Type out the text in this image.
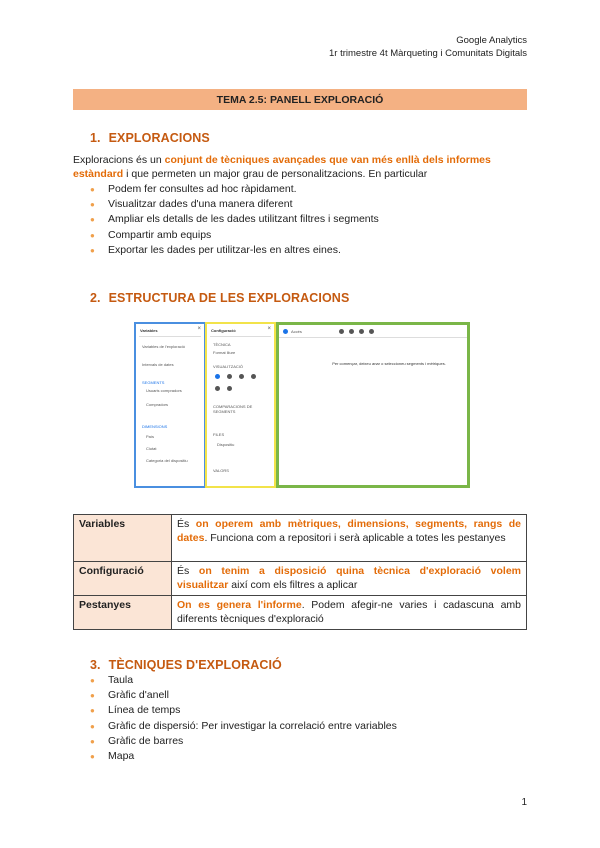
Google Analytics
1r trimestre 4t Màrqueting i Comunitats Digitals
TEMA 2.5: PANELL EXPLORACIÓ
1. EXPLORACIONS
Exploracions és un conjunt de tècniques avançades que van més enllà dels informes estàndard i que permeten un major grau de personalitzacions. En particular
● Podem fer consultes ad hoc ràpidament.
● Visualitzar dades d'una manera diferent
● Ampliar els detalls de les dades utilitzant filtres i segments
● Compartir amb equips
● Exportar les dades per utilitzar-les en altres eines.
2. ESTRUCTURA DE LES EXPLORACIONS
Variables	×
Variables de l'exploració
Intervals de dates
SEGMENTS
Usuaris compradors
Compradors
DIMENSIONS
País
Ciutat
Categoria del dispositiu
Configuració	×
TÈCNICA
Format lliure
VISUALITZACIÓ
COMPARACIONS DE SEGMENTS
FILES
Dispositiu
VALORS
Accés
Per començar, deixeu anar o seleccioneu segments i mètriques.
Variables	És on operem amb mètriques, dimensions, segments, rangs de dates. Funciona com a repositori i serà aplicable a totes les pestanyes
Configuració	És on tenim a disposició quina tècnica d'exploració volem visualitzar així com els filtres a aplicar
Pestanyes	On es genera l'informe. Podem afegir-ne varies i cadascuna amb diferents tècniques d'exploració
3. TÈCNIQUES D'EXPLORACIÓ
● Taula
● Gràfic d'anell
● Línea de temps
● Gràfic de dispersió: Per investigar la correlació entre variables
● Gràfic de barres
● Mapa
1
